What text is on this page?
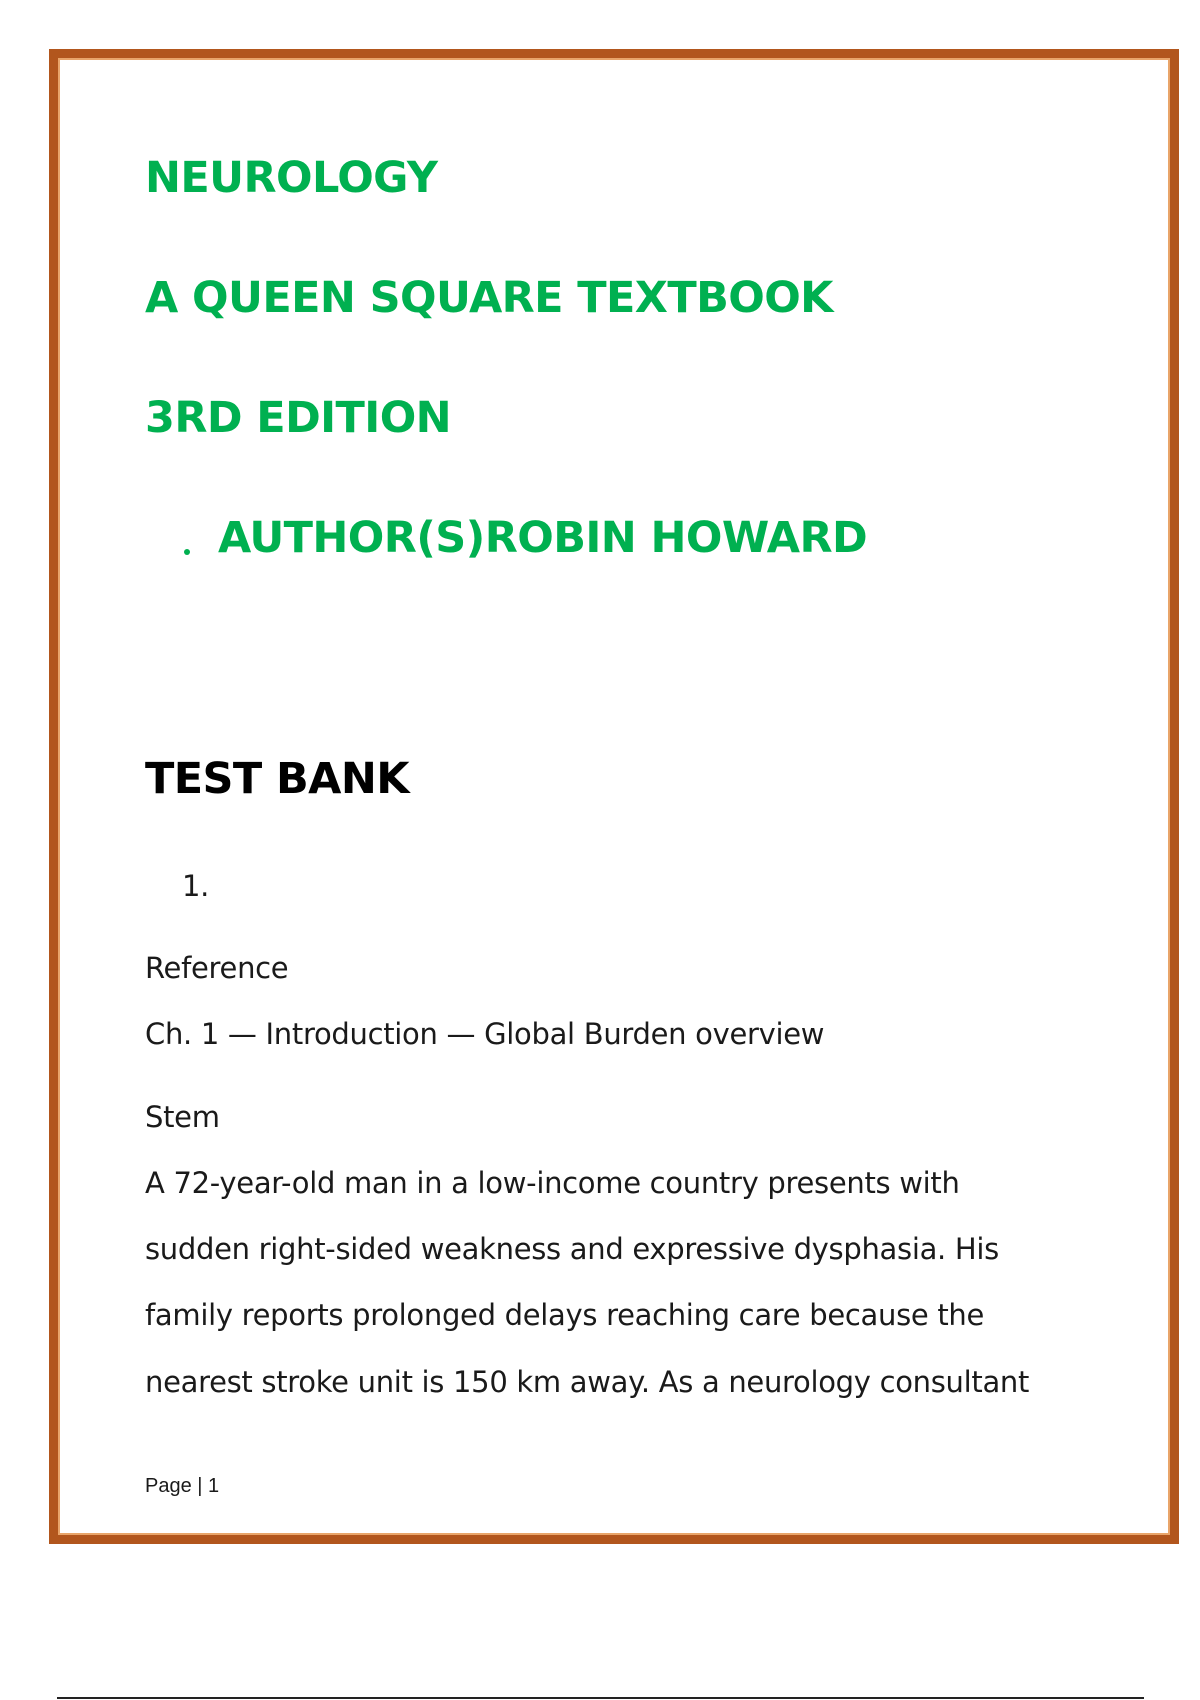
NEUROLOGY
A QUEEN SQUARE TEXTBOOK
3RD EDITION
AUTHOR(S)ROBIN HOWARD
TEST BANK

1.

Reference

Ch. 1 — Introduction — Global Burden overview

Stem

A 72-year-old man in a low-income country presents with

sudden right-sided weakness and expressive dysphasia. His

family reports prolonged delays reaching care because the

nearest stroke unit is 150 km away. As a neurology consultant

Page | 1
